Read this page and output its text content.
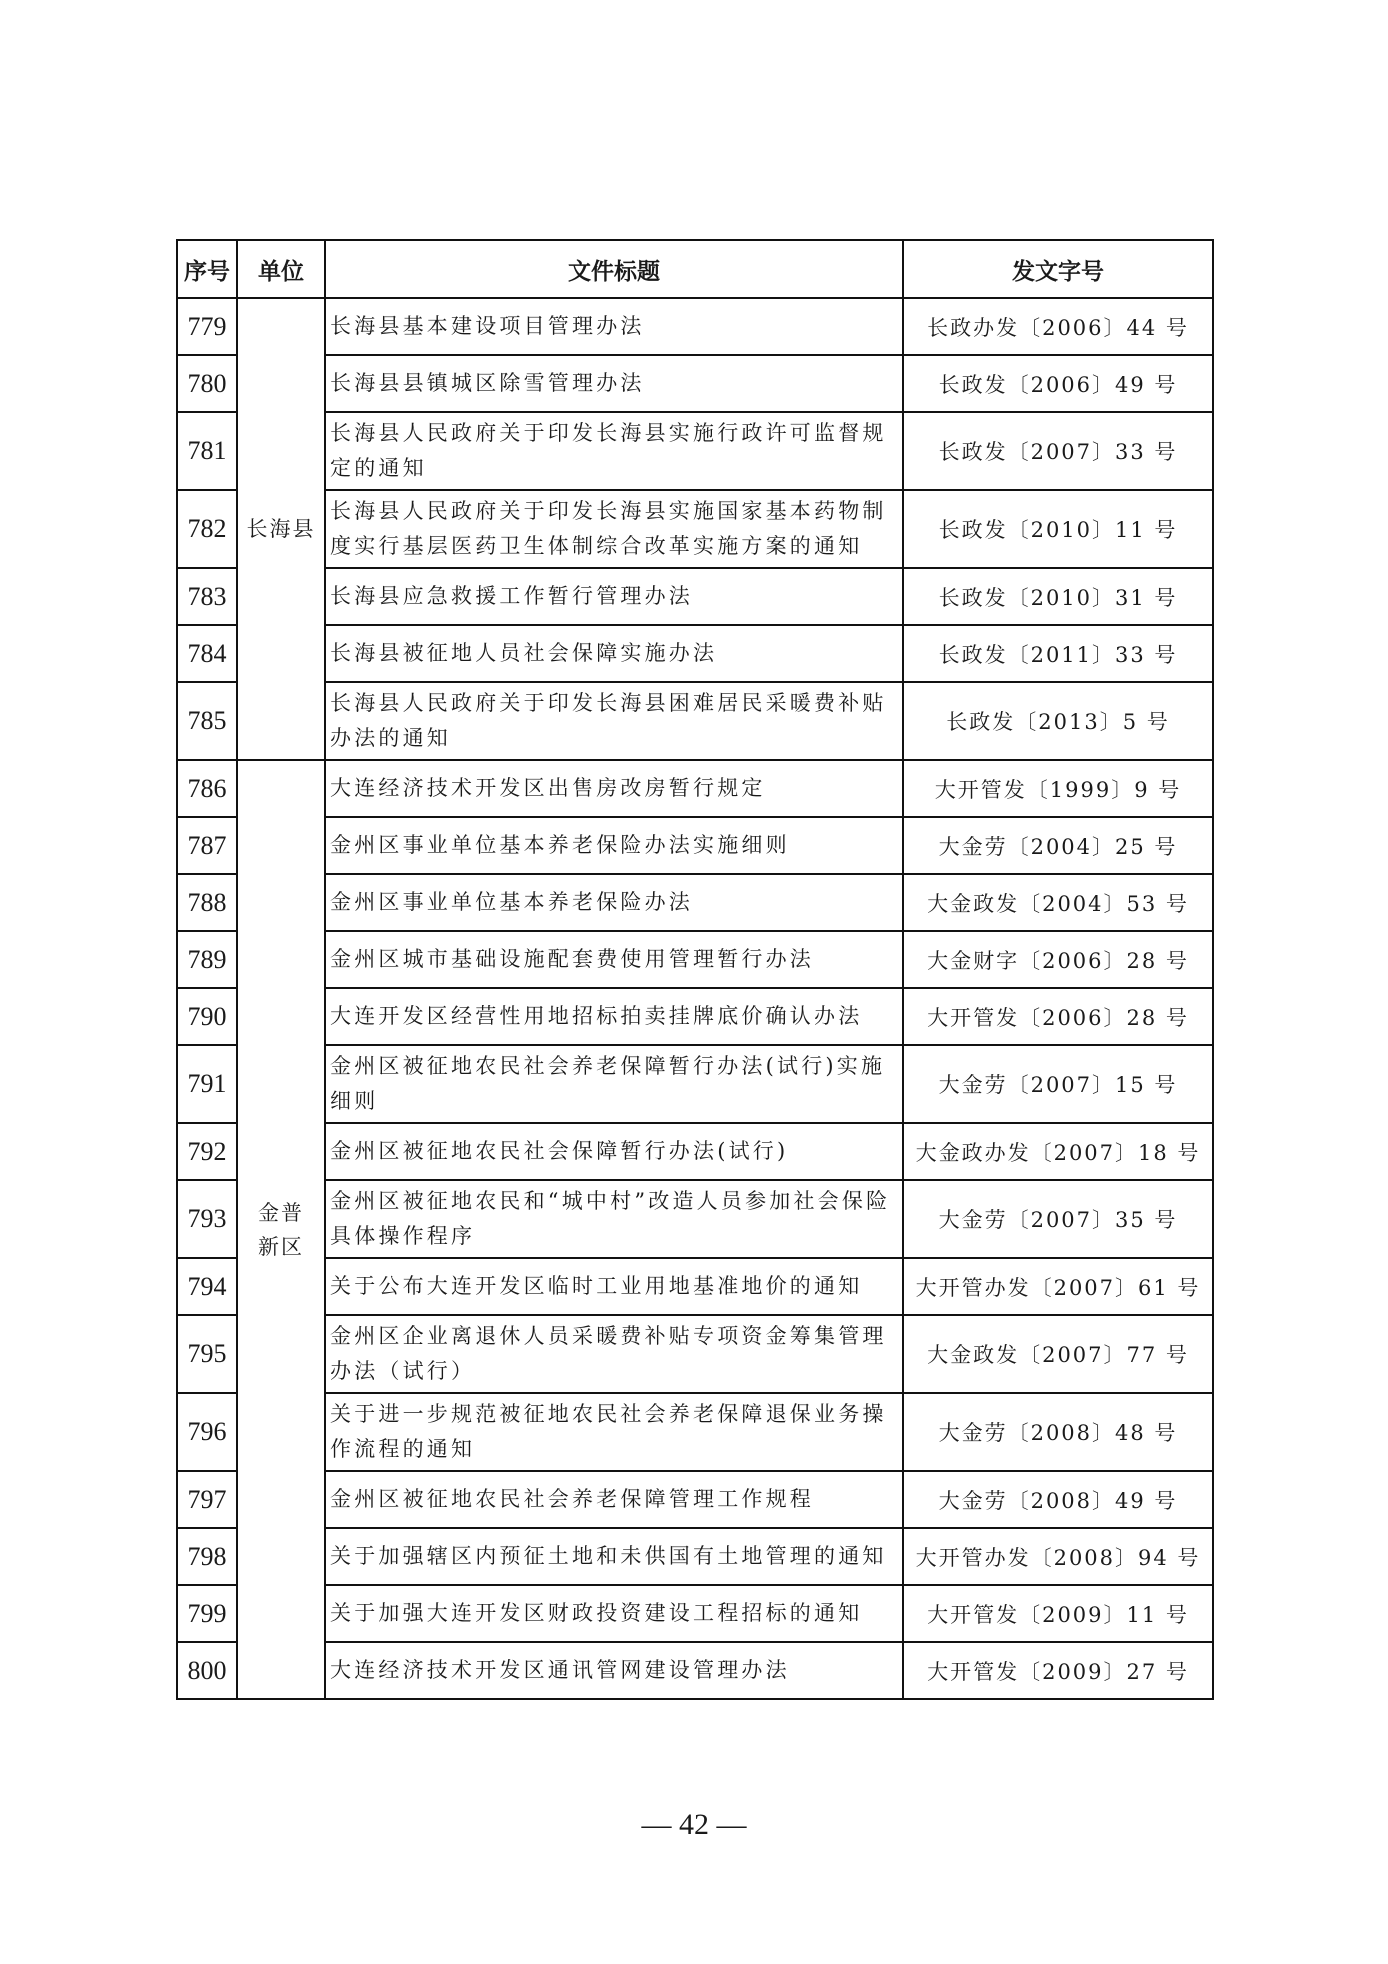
序号	单位	文件标题	发文字号
779	长海县	长海县基本建设项目管理办法	长政办发〔2006〕44 号
780		长海县县镇城区除雪管理办法	长政发〔2006〕49 号
781		长海县人民政府关于印发长海县实施行政许可监督规定的通知	长政发〔2007〕33 号
782		长海县人民政府关于印发长海县实施国家基本药物制度实行基层医药卫生体制综合改革实施方案的通知	长政发〔2010〕11 号
783		长海县应急救援工作暂行管理办法	长政发〔2010〕31 号
784		长海县被征地人员社会保障实施办法	长政发〔2011〕33 号
785		长海县人民政府关于印发长海县困难居民采暖费补贴办法的通知	长政发〔2013〕5 号
786	金普新区	大连经济技术开发区出售房改房暂行规定	大开管发〔1999〕9 号
787		金州区事业单位基本养老保险办法实施细则	大金劳〔2004〕25 号
788		金州区事业单位基本养老保险办法	大金政发〔2004〕53 号
789		金州区城市基础设施配套费使用管理暂行办法	大金财字〔2006〕28 号
790		大连开发区经营性用地招标拍卖挂牌底价确认办法	大开管发〔2006〕28 号
791		金州区被征地农民社会养老保障暂行办法(试行)实施细则	大金劳〔2007〕15 号
792		金州区被征地农民社会保障暂行办法(试行)	大金政办发〔2007〕18 号
793		金州区被征地农民和“城中村”改造人员参加社会保险具体操作程序	大金劳〔2007〕35 号
794		关于公布大连开发区临时工业用地基准地价的通知	大开管办发〔2007〕61 号
795		金州区企业离退休人员采暖费补贴专项资金筹集管理办法（试行）	大金政发〔2007〕77 号
796		关于进一步规范被征地农民社会养老保障退保业务操作流程的通知	大金劳〔2008〕48 号
797		金州区被征地农民社会养老保障管理工作规程	大金劳〔2008〕49 号
798		关于加强辖区内预征土地和未供国有土地管理的通知	大开管办发〔2008〕94 号
799		关于加强大连开发区财政投资建设工程招标的通知	大开管发〔2009〕11 号
800		大连经济技术开发区通讯管网建设管理办法	大开管发〔2009〕27 号
— 42 —
